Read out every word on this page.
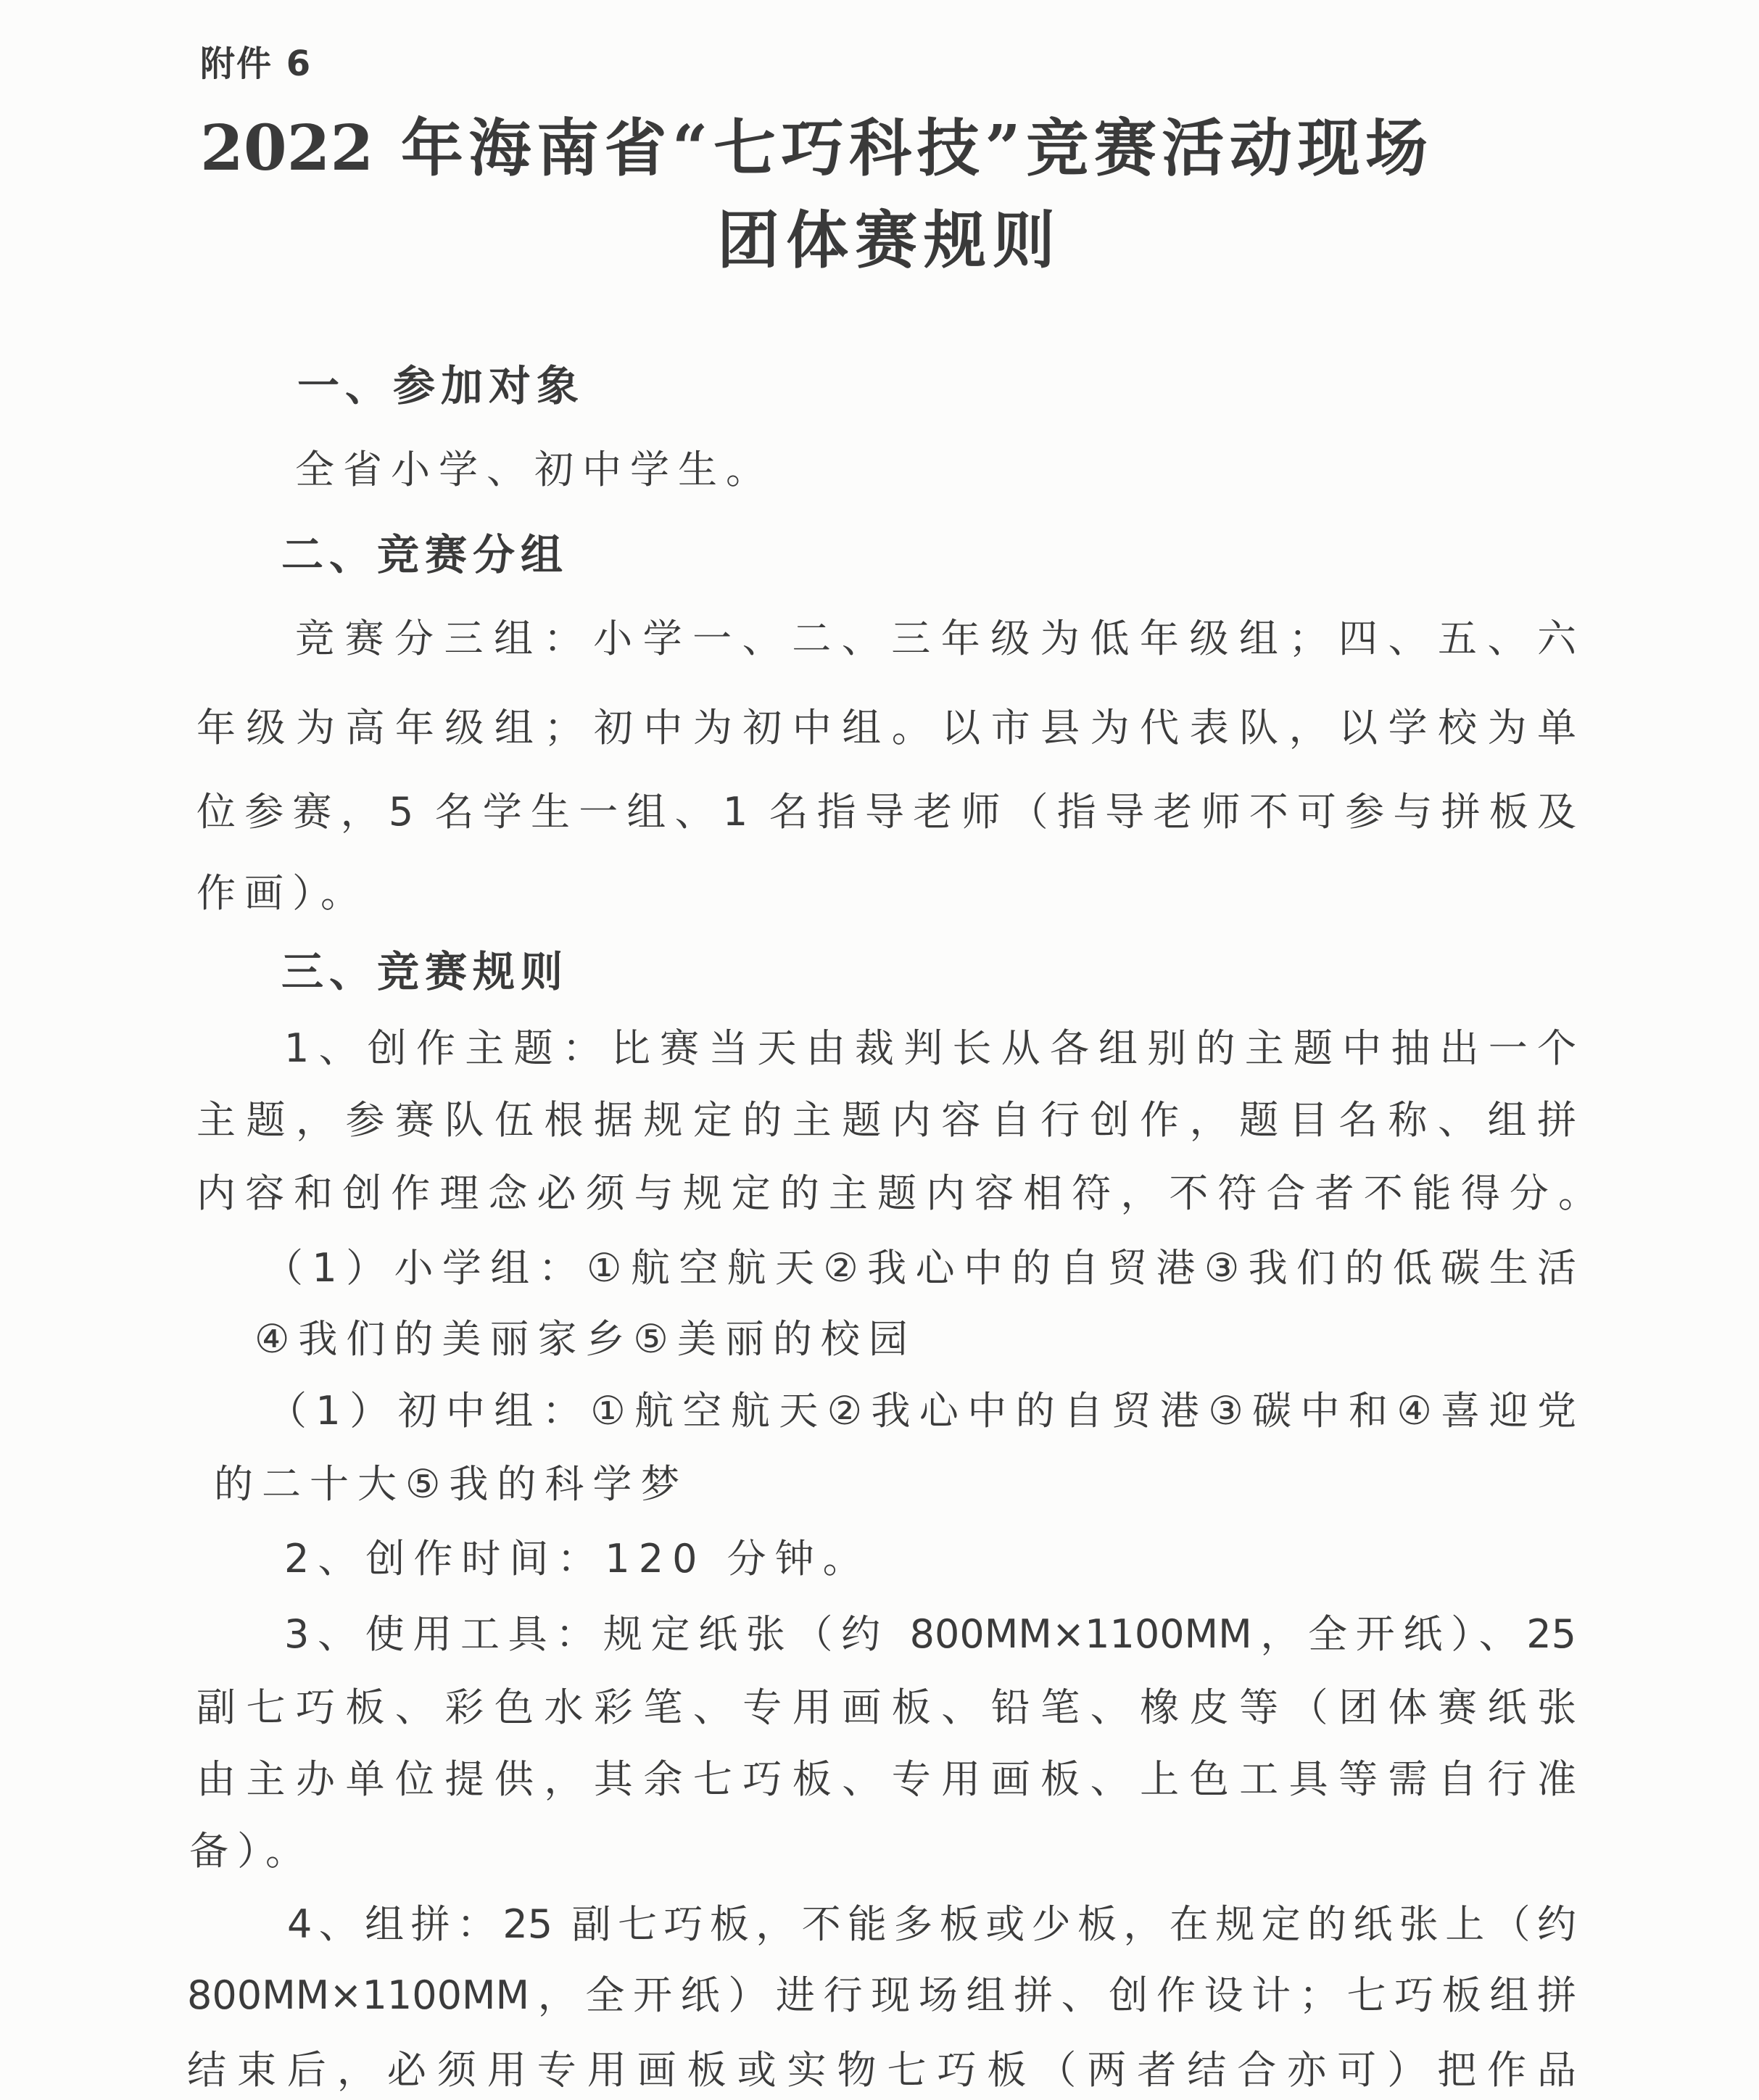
附件 6
2022 年海南省“七巧科技”竞赛活动现场
团体赛规则
一、参加对象
全省小学、初中学生。
二、竞赛分组
竞赛分三组：小学一、二、三年级为低年级组；四、五、六
年级为高年级组；初中为初中组。以市县为代表队，以学校为单
位参赛，5 名学生一组、1 名指导老师（指导老师不可参与拼板及
作画）。
三、竞赛规则
1、创作主题：比赛当天由裁判长从各组别的主题中抽出一个
主题，参赛队伍根据规定的主题内容自行创作，题目名称、组拼
内容和创作理念必须与规定的主题内容相符，不符合者不能得分。
（1）小学组：①航空航天②我心中的自贸港③我们的低碳生活
④我们的美丽家乡⑤美丽的校园
（1）初中组：①航空航天②我心中的自贸港③碳中和④喜迎党
的二十大⑤我的科学梦
2、创作时间：120 分钟。
3、使用工具：规定纸张（约 800MM×1100MM，全开纸）、25
副七巧板、彩色水彩笔、专用画板、铅笔、橡皮等（团体赛纸张
由主办单位提供，其余七巧板、专用画板、上色工具等需自行准
备）。
4、组拼：25 副七巧板，不能多板或少板，在规定的纸张上（约
800MM×1100MM，全开纸）进行现场组拼、创作设计；七巧板组拼
结束后，必须用专用画板或实物七巧板（两者结合亦可）把作品
